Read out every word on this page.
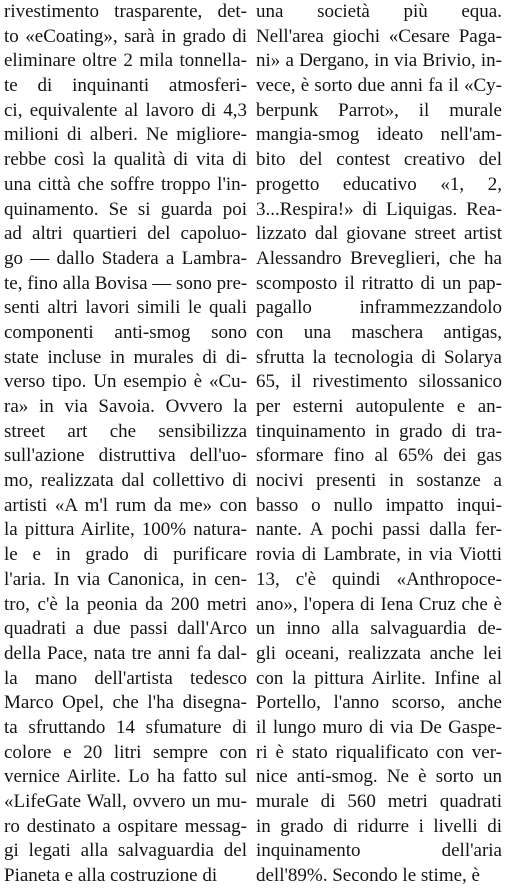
rivestimento trasparente, det-
to «eCoating», sarà in grado di
eliminare oltre 2 mila tonnella-
te di inquinanti atmosferi-
ci, equivalente al lavoro di 4,3
milioni di alberi. Ne migliore-
rebbe così la qualità di vita di
una città che soffre troppo l'in-
quinamento. Se si guarda poi
ad altri quartieri del capoluo-
go — dallo Stadera a Lambra-
te, fino alla Bovisa — sono pre-
senti altri lavori simili le quali
componenti anti-smog sono
state incluse in murales di di-
verso tipo. Un esempio è «Cu-
ra» in via Savoia. Ovvero la
street art che sensibilizza
sull'azione distruttiva dell'uo-
mo, realizzata dal collettivo di
artisti «A m'l rum da me» con
la pittura Airlite, 100% natura-
le e in grado di purificare
l'aria. In via Canonica, in cen-
tro, c'è la peonia da 200 metri
quadrati a due passi dall'Arco
della Pace, nata tre anni fa dal-
la mano dell'artista tedesco
Marco Opel, che l'ha disegna-
ta sfruttando 14 sfumature di
colore e 20 litri sempre con
vernice Airlite. Lo ha fatto sul
«LifeGate Wall, ovvero un mu-
ro destinato a ospitare messag-
gi legati alla salvaguardia del
Pianeta e alla costruzione di
una società più equa.
Nell'area giochi «Cesare Paga-
ni» a Dergano, in via Brivio, in-
vece, è sorto due anni fa il «Cy-
berpunk Parrot», il murale
mangia-smog ideato nell'am-
bito del contest creativo del
progetto educativo «1, 2,
3...Respira!» di Liquigas. Rea-
lizzato dal giovane street artist
Alessandro Breveglieri, che ha
scomposto il ritratto di un pap-
pagallo inframmezzandolo
con una maschera antigas,
sfrutta la tecnologia di Solarya
65, il rivestimento silossanico
per esterni autopulente e an-
tinquinamento in grado di tra-
sformare fino al 65% dei gas
nocivi presenti in sostanze a
basso o nullo impatto inqui-
nante. A pochi passi dalla fer-
rovia di Lambrate, in via Viotti
13, c'è quindi «Anthropoce-
ano», l'opera di Iena Cruz che è
un inno alla salvaguardia de-
gli oceani, realizzata anche lei
con la pittura Airlite. Infine al
Portello, l'anno scorso, anche
il lungo muro di via De Gaspe-
ri è stato riqualificato con ver-
nice anti-smog. Ne è sorto un
murale di 560 metri quadrati
in grado di ridurre i livelli di
inquinamento dell'aria
dell'89%. Secondo le stime, è
